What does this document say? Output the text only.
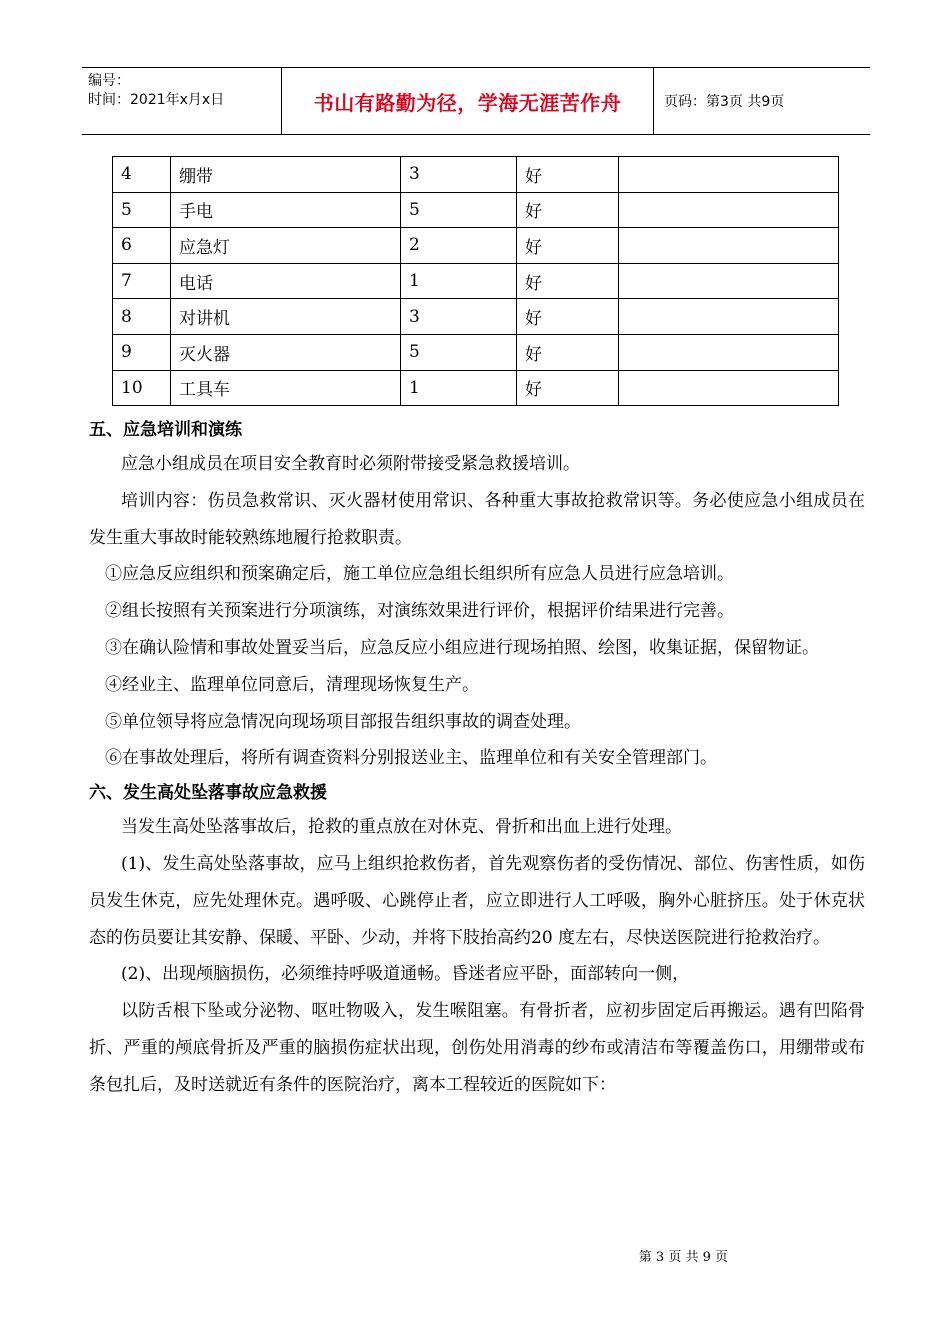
编号：
时间：2021年x月x日	书山有路勤为径，学海无涯苦作舟	页码：第3页 共9页
4	绷带	3	好	
5	手电	5	好	
6	应急灯	2	好	
7	电话	1	好	
8	对讲机	3	好	
9	灭火器	5	好	
10	工具车	1	好	
五、应急培训和演练

应急小组成员在项目安全教育时必须附带接受紧急救援培训。

培训内容：伤员急救常识、灭火器材使用常识、各种重大事故抢救常识等。务必使应急小组成员在发生重大事故时能较熟练地履行抢救职责。

①应急反应组织和预案确定后，施工单位应急组长组织所有应急人员进行应急培训。

②组长按照有关预案进行分项演练，对演练效果进行评价，根据评价结果进行完善。

③在确认险情和事故处置妥当后，应急反应小组应进行现场拍照、绘图，收集证据，保留物证。

④经业主、监理单位同意后，清理现场恢复生产。

⑤单位领导将应急情况向现场项目部报告组织事故的调查处理。

⑥在事故处理后，将所有调查资料分别报送业主、监理单位和有关安全管理部门。

六、发生高处坠落事故应急救援

当发生高处坠落事故后，抢救的重点放在对休克、骨折和出血上进行处理。

(1)、发生高处坠落事故，应马上组织抢救伤者，首先观察伤者的受伤情况、部位、伤害性质，如伤员发生休克，应先处理休克。遇呼吸、心跳停止者，应立即进行人工呼吸，胸外心脏挤压。处于休克状态的伤员要让其安静、保暖、平卧、少动，并将下肢抬高约20 度左右，尽快送医院进行抢救治疗。

(2)、出现颅脑损伤，必须维持呼吸道通畅。昏迷者应平卧，面部转向一侧，

以防舌根下坠或分泌物、呕吐物吸入，发生喉阻塞。有骨折者，应初步固定后再搬运。遇有凹陷骨折、严重的颅底骨折及严重的脑损伤症状出现，创伤处用消毒的纱布或清洁布等覆盖伤口，用绷带或布条包扎后，及时送就近有条件的医院治疗，离本工程较近的医院如下：

第 3 页 共 9 页
